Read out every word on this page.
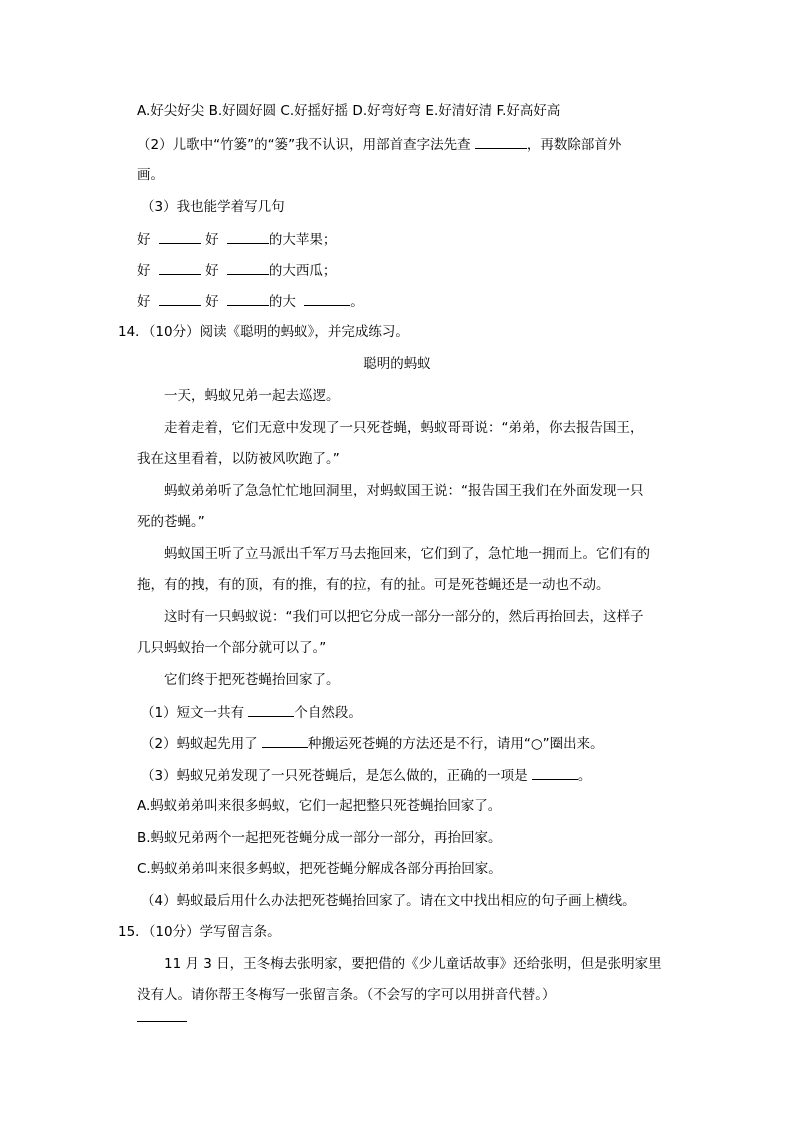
A.好尖好尖 B.好圆好圆 C.好摇好摇 D.好弯好弯 E.好清好清 F.好高好高
（2）儿歌中“竹篓”的“篓”我不认识，用部首查字法先查	，再数除部首外
画。
（3）我也能学着写几句
好	好	的大苹果；
好	好	的大西瓜；
好	好	的大	。
14．（10分）阅读《聪明的蚂蚁》，并完成练习。
聪明的蚂蚁
一天，蚂蚁兄弟一起去巡逻。
走着走着，它们无意中发现了一只死苍蝇，蚂蚁哥哥说：“弟弟，你去报告国王，
我在这里看着，以防被风吹跑了。”
蚂蚁弟弟听了急急忙忙地回洞里，对蚂蚁国王说：“报告国王我们在外面发现一只
死的苍蝇。”
蚂蚁国王听了立马派出千军万马去拖回来，它们到了，急忙地一拥而上。它们有的
拖，有的拽，有的顶，有的推，有的拉，有的扯。可是死苍蝇还是一动也不动。
这时有一只蚂蚁说：“我们可以把它分成一部分一部分的，然后再抬回去，这样子
几只蚂蚁抬一个部分就可以了。”
它们终于把死苍蝇抬回家了。
（1）短文一共有	个自然段。
（2）蚂蚁起先用了	种搬运死苍蝇的方法还是不行，请用“○”圈出来。
（3）蚂蚁兄弟发现了一只死苍蝇后，是怎么做的，正确的一项是	。
A.蚂蚁弟弟叫来很多蚂蚁，它们一起把整只死苍蝇抬回家了。
B.蚂蚁兄弟两个一起把死苍蝇分成一部分一部分，再抬回家。
C.蚂蚁弟弟叫来很多蚂蚁，把死苍蝇分解成各部分再抬回家。
（4）蚂蚁最后用什么办法把死苍蝇抬回家了。请在文中找出相应的句子画上横线。
15．（10分）学写留言条。
11 月 3 日，王冬梅去张明家，要把借的《少儿童话故事》还给张明，但是张明家里
没有人。请你帮王冬梅写一张留言条。（不会写的字可以用拼音代替。）
